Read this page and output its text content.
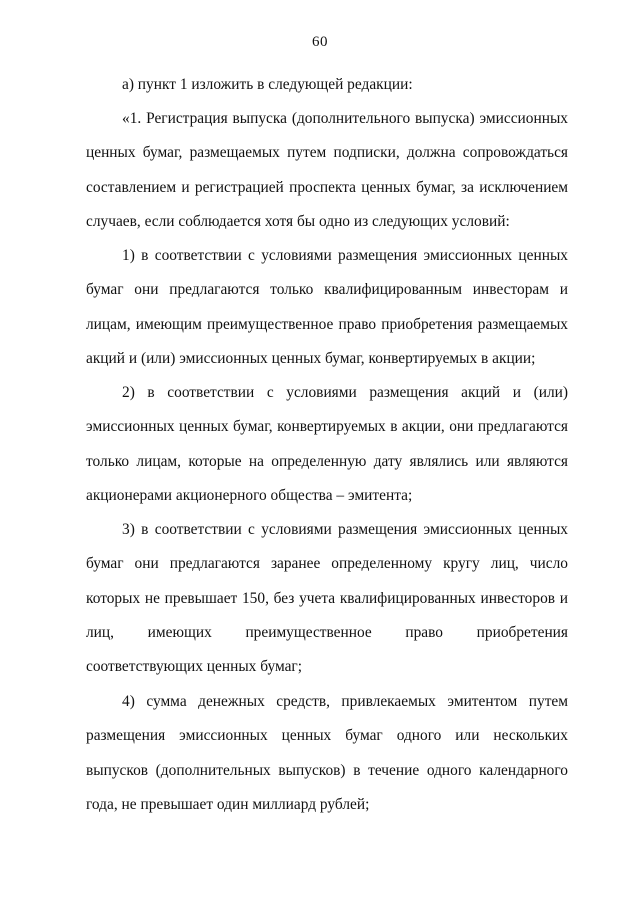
60

а) пункт 1 изложить в следующей редакции:

«1. Регистрация выпуска (дополнительного выпуска) эмиссионных ценных бумаг, размещаемых путем подписки, должна сопровождаться составлением и регистрацией проспекта ценных бумаг, за исключением случаев, если соблюдается хотя бы одно из следующих условий:

1) в соответствии с условиями размещения эмиссионных ценных бумаг они предлагаются только квалифицированным инвесторам и лицам, имеющим преимущественное право приобретения размещаемых акций и (или) эмиссионных ценных бумаг, конвертируемых в акции;

2) в соответствии с условиями размещения акций и (или) эмиссионных ценных бумаг, конвертируемых в акции, они предлагаются только лицам, которые на определенную дату являлись или являются акционерами акционерного общества – эмитента;

3) в соответствии с условиями размещения эмиссионных ценных бумаг они предлагаются заранее определенному кругу лиц, число которых не превышает 150, без учета квалифицированных инвесторов и лиц, имеющих преимущественное право приобретения соответствующих ценных бумаг;

4) сумма денежных средств, привлекаемых эмитентом путем размещения эмиссионных ценных бумаг одного или нескольких выпусков (дополнительных выпусков) в течение одного календарного года, не превышает один миллиард рублей;
